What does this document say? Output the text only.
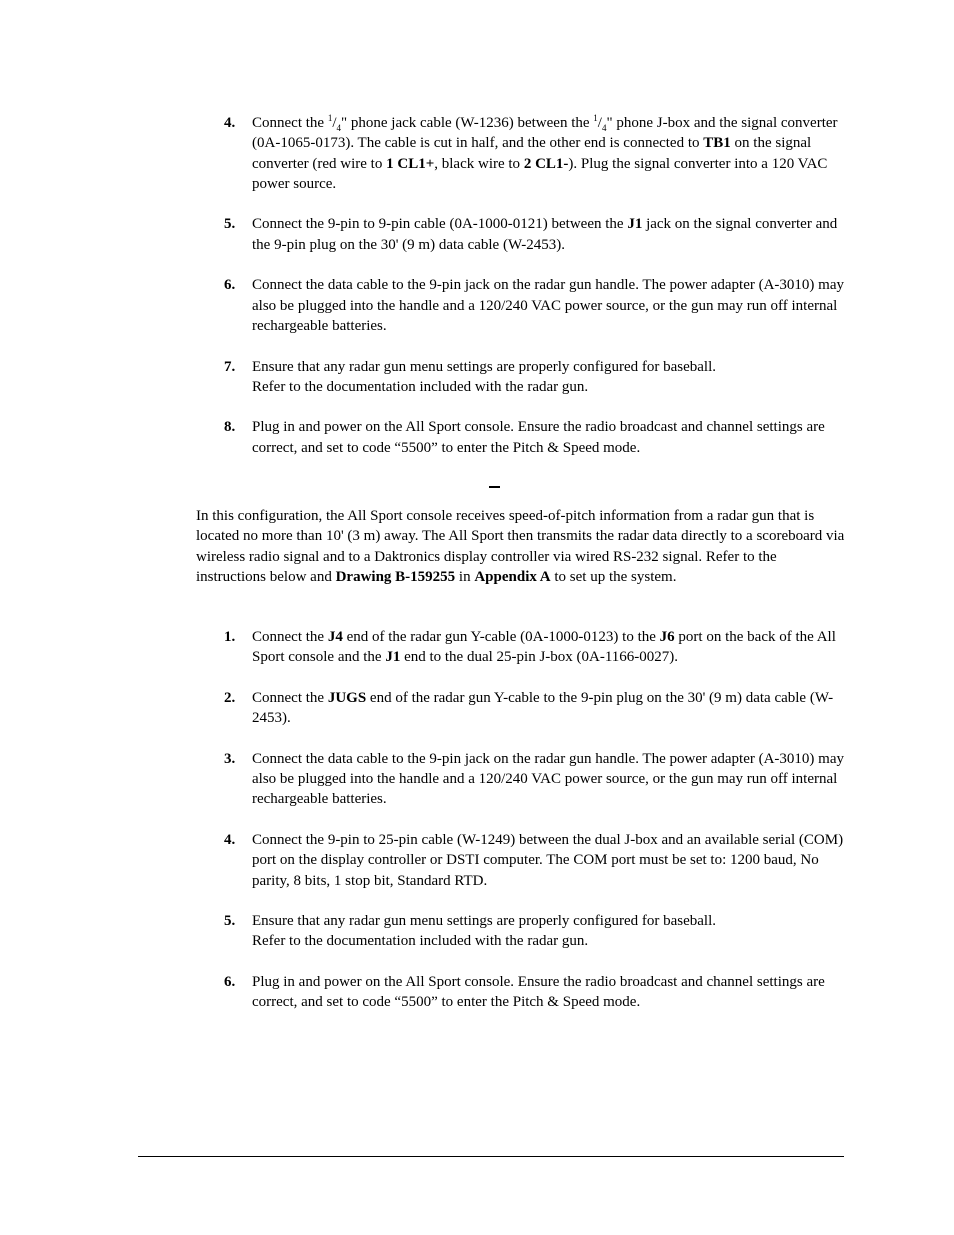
4.	Connect the $^1/_4$" phone jack cable (W-1236) between the $^1/_4$" phone J-box and the signal converter (0A-1065-0173). The cable is cut in half, and the other end is connected to TB1 on the signal converter (red wire to 1 CL1+, black wire to 2 CL1-). Plug the signal converter into a 120 VAC power source.
5.	Connect the 9-pin to 9-pin cable (0A-1000-0121) between the J1 jack on the signal converter and the 9-pin plug on the 30' (9 m) data cable (W-2453).
6.	Connect the data cable to the 9-pin jack on the radar gun handle. The power adapter (A-3010) may also be plugged into the handle and a 120/240 VAC power source, or the gun may run off internal rechargeable batteries.
7.	Ensure that any radar gun menu settings are properly configured for baseball.
Refer to the documentation included with the radar gun.
8.	Plug in and power on the All Sport console. Ensure the radio broadcast and channel settings are correct, and set to code “5500” to enter the Pitch & Speed mode.

In this configuration, the All Sport console receives speed-of-pitch information from a radar gun that is located no more than 10' (3 m) away. The All Sport then transmits the radar data directly to a scoreboard via wireless radio signal and to a Daktronics display controller via wired RS-232 signal. Refer to the instructions below and Drawing B-159255 in Appendix A to set up the system.

1.	Connect the J4 end of the radar gun Y-cable (0A-1000-0123) to the J6 port on the back of the All Sport console and the J1 end to the dual 25-pin J-box (0A-1166-0027).
2.	Connect the JUGS end of the radar gun Y-cable to the 9-pin plug on the 30' (9 m) data cable (W-2453).
3.	Connect the data cable to the 9-pin jack on the radar gun handle. The power adapter (A-3010) may also be plugged into the handle and a 120/240 VAC power source, or the gun may run off internal rechargeable batteries.
4.	Connect the 9-pin to 25-pin cable (W-1249) between the dual J-box and an available serial (COM) port on the display controller or DSTI computer. The COM port must be set to: 1200 baud, No parity, 8 bits, 1 stop bit, Standard RTD.
5.	Ensure that any radar gun menu settings are properly configured for baseball.
Refer to the documentation included with the radar gun.
6.	Plug in and power on the All Sport console. Ensure the radio broadcast and channel settings are correct, and set to code “5500” to enter the Pitch & Speed mode.
